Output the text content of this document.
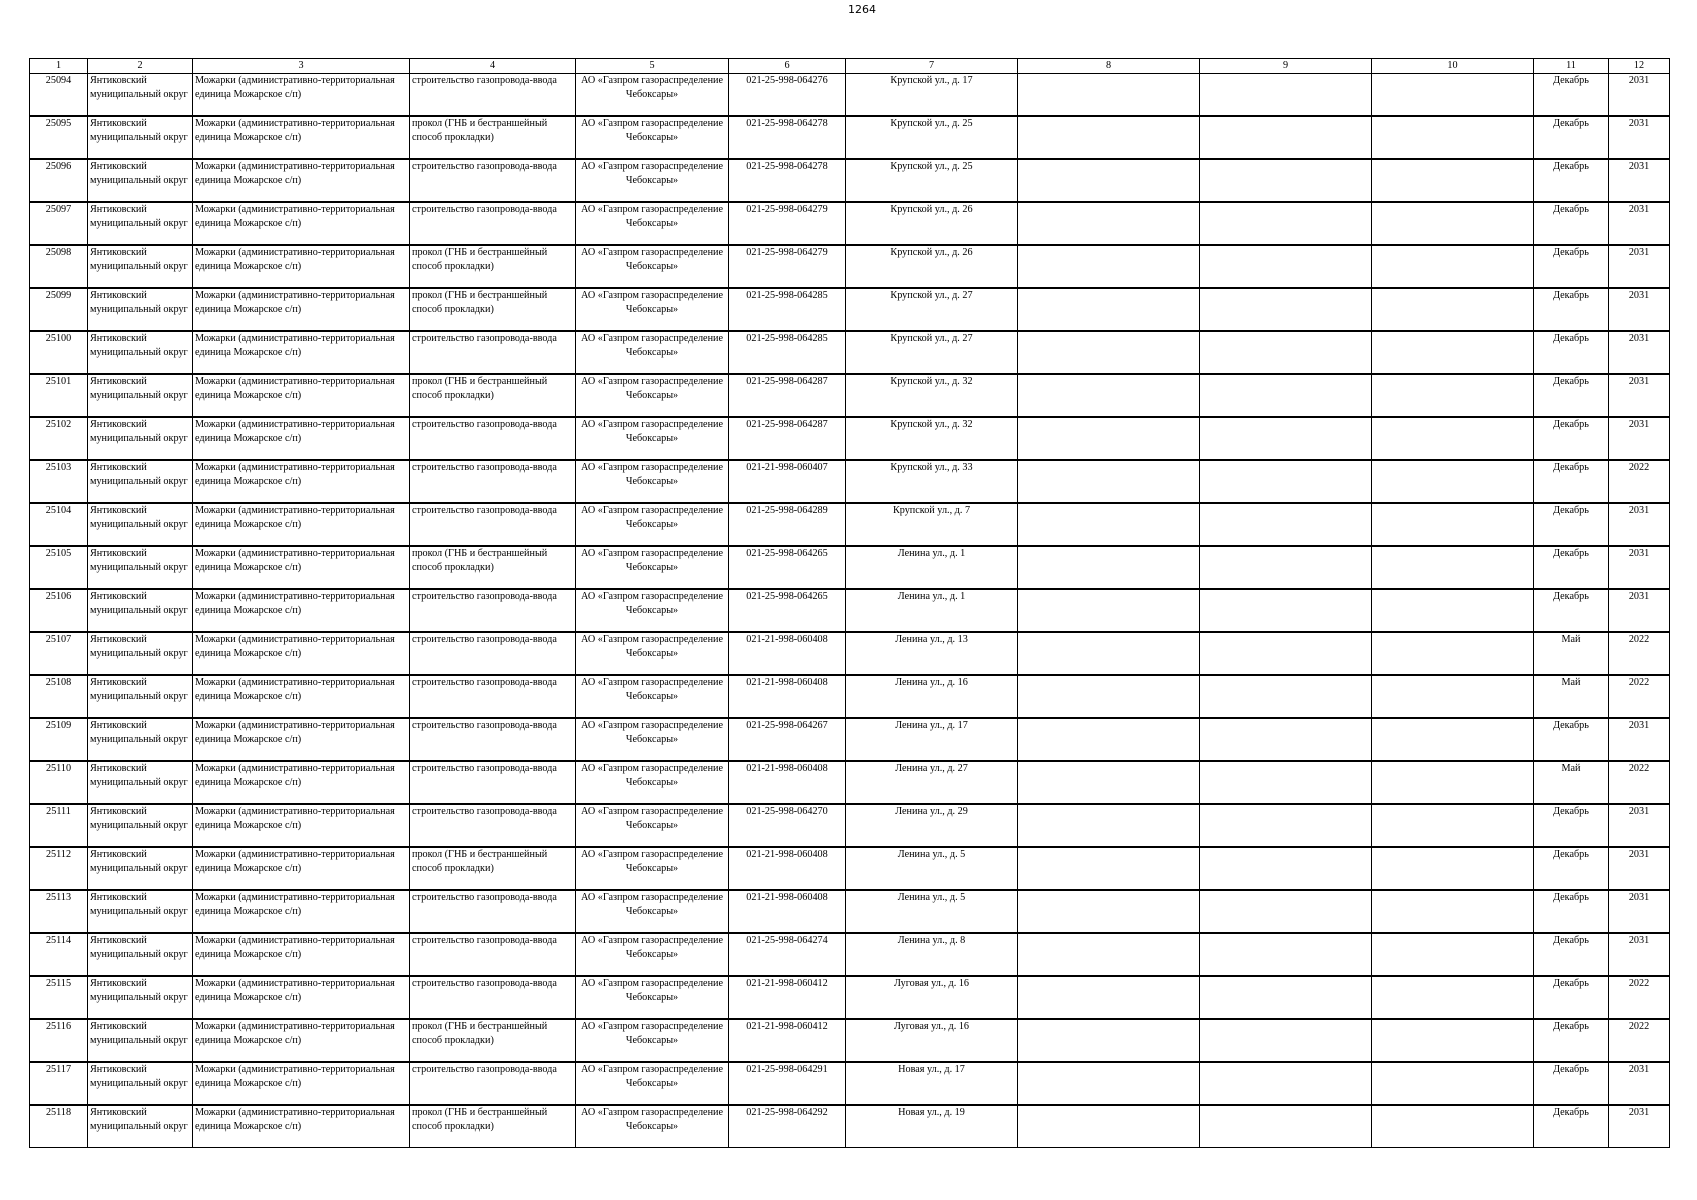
1264
1	2	3	4	5	6	7	8	9	10	11	12
25094	Янтиковский муниципальный округ	Можарки (административно-территориальная единица Можарское с/п)	строительство газопровода-ввода	АО «Газпром газораспределение Чебоксары»	021-25-998-064276	Крупской ул., д. 17				Декабрь	2031
25095	Янтиковский муниципальный округ	Можарки (административно-территориальная единица Можарское с/п)	прокол (ГНБ и бестраншейный способ прокладки)	АО «Газпром газораспределение Чебоксары»	021-25-998-064278	Крупской ул., д. 25				Декабрь	2031
25096	Янтиковский муниципальный округ	Можарки (административно-территориальная единица Можарское с/п)	строительство газопровода-ввода	АО «Газпром газораспределение Чебоксары»	021-25-998-064278	Крупской ул., д. 25				Декабрь	2031
25097	Янтиковский муниципальный округ	Можарки (административно-территориальная единица Можарское с/п)	строительство газопровода-ввода	АО «Газпром газораспределение Чебоксары»	021-25-998-064279	Крупской ул., д. 26				Декабрь	2031
25098	Янтиковский муниципальный округ	Можарки (административно-территориальная единица Можарское с/п)	прокол (ГНБ и бестраншейный способ прокладки)	АО «Газпром газораспределение Чебоксары»	021-25-998-064279	Крупской ул., д. 26				Декабрь	2031
25099	Янтиковский муниципальный округ	Можарки (административно-территориальная единица Можарское с/п)	прокол (ГНБ и бестраншейный способ прокладки)	АО «Газпром газораспределение Чебоксары»	021-25-998-064285	Крупской ул., д. 27				Декабрь	2031
25100	Янтиковский муниципальный округ	Можарки (административно-территориальная единица Можарское с/п)	строительство газопровода-ввода	АО «Газпром газораспределение Чебоксары»	021-25-998-064285	Крупской ул., д. 27				Декабрь	2031
25101	Янтиковский муниципальный округ	Можарки (административно-территориальная единица Можарское с/п)	прокол (ГНБ и бестраншейный способ прокладки)	АО «Газпром газораспределение Чебоксары»	021-25-998-064287	Крупской ул., д. 32				Декабрь	2031
25102	Янтиковский муниципальный округ	Можарки (административно-территориальная единица Можарское с/п)	строительство газопровода-ввода	АО «Газпром газораспределение Чебоксары»	021-25-998-064287	Крупской ул., д. 32				Декабрь	2031
25103	Янтиковский муниципальный округ	Можарки (административно-территориальная единица Можарское с/п)	строительство газопровода-ввода	АО «Газпром газораспределение Чебоксары»	021-21-998-060407	Крупской ул., д. 33				Декабрь	2022
25104	Янтиковский муниципальный округ	Можарки (административно-территориальная единица Можарское с/п)	строительство газопровода-ввода	АО «Газпром газораспределение Чебоксары»	021-25-998-064289	Крупской ул., д. 7				Декабрь	2031
25105	Янтиковский муниципальный округ	Можарки (административно-территориальная единица Можарское с/п)	прокол (ГНБ и бестраншейный способ прокладки)	АО «Газпром газораспределение Чебоксары»	021-25-998-064265	Ленина ул., д. 1				Декабрь	2031
25106	Янтиковский муниципальный округ	Можарки (административно-территориальная единица Можарское с/п)	строительство газопровода-ввода	АО «Газпром газораспределение Чебоксары»	021-25-998-064265	Ленина ул., д. 1				Декабрь	2031
25107	Янтиковский муниципальный округ	Можарки (административно-территориальная единица Можарское с/п)	строительство газопровода-ввода	АО «Газпром газораспределение Чебоксары»	021-21-998-060408	Ленина ул., д. 13				Май	2022
25108	Янтиковский муниципальный округ	Можарки (административно-территориальная единица Можарское с/п)	строительство газопровода-ввода	АО «Газпром газораспределение Чебоксары»	021-21-998-060408	Ленина ул., д. 16				Май	2022
25109	Янтиковский муниципальный округ	Можарки (административно-территориальная единица Можарское с/п)	строительство газопровода-ввода	АО «Газпром газораспределение Чебоксары»	021-25-998-064267	Ленина ул., д. 17				Декабрь	2031
25110	Янтиковский муниципальный округ	Можарки (административно-территориальная единица Можарское с/п)	строительство газопровода-ввода	АО «Газпром газораспределение Чебоксары»	021-21-998-060408	Ленина ул., д. 27				Май	2022
25111	Янтиковский муниципальный округ	Можарки (административно-территориальная единица Можарское с/п)	строительство газопровода-ввода	АО «Газпром газораспределение Чебоксары»	021-25-998-064270	Ленина ул., д. 29				Декабрь	2031
25112	Янтиковский муниципальный округ	Можарки (административно-территориальная единица Можарское с/п)	прокол (ГНБ и бестраншейный способ прокладки)	АО «Газпром газораспределение Чебоксары»	021-21-998-060408	Ленина ул., д. 5				Декабрь	2031
25113	Янтиковский муниципальный округ	Можарки (административно-территориальная единица Можарское с/п)	строительство газопровода-ввода	АО «Газпром газораспределение Чебоксары»	021-21-998-060408	Ленина ул., д. 5				Декабрь	2031
25114	Янтиковский муниципальный округ	Можарки (административно-территориальная единица Можарское с/п)	строительство газопровода-ввода	АО «Газпром газораспределение Чебоксары»	021-25-998-064274	Ленина ул., д. 8				Декабрь	2031
25115	Янтиковский муниципальный округ	Можарки (административно-территориальная единица Можарское с/п)	строительство газопровода-ввода	АО «Газпром газораспределение Чебоксары»	021-21-998-060412	Луговая ул., д. 16				Декабрь	2022
25116	Янтиковский муниципальный округ	Можарки (административно-территориальная единица Можарское с/п)	прокол (ГНБ и бестраншейный способ прокладки)	АО «Газпром газораспределение Чебоксары»	021-21-998-060412	Луговая ул., д. 16				Декабрь	2022
25117	Янтиковский муниципальный округ	Можарки (административно-территориальная единица Можарское с/п)	строительство газопровода-ввода	АО «Газпром газораспределение Чебоксары»	021-25-998-064291	Новая ул., д. 17				Декабрь	2031
25118	Янтиковский муниципальный округ	Можарки (административно-территориальная единица Можарское с/п)	прокол (ГНБ и бестраншейный способ прокладки)	АО «Газпром газораспределение Чебоксары»	021-25-998-064292	Новая ул., д. 19				Декабрь	2031
